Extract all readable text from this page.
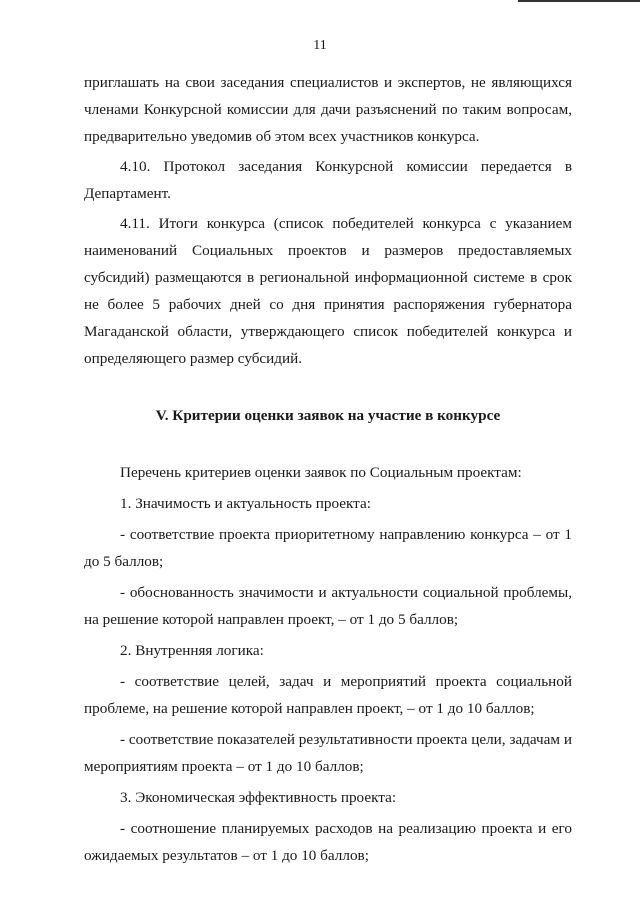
11

приглашать на свои заседания специалистов и экспертов, не являющихся членами Конкурсной комиссии для дачи разъяснений по таким вопросам, предварительно уведомив об этом всех участников конкурса.

4.10. Протокол заседания Конкурсной комиссии передается в Департамент.

4.11. Итоги конкурса (список победителей конкурса с указанием наименований Социальных проектов и размеров предоставляемых субсидий) размещаются в региональной информационной системе в срок не более 5 рабочих дней со дня принятия распоряжения губернатора Магаданской области, утверждающего список победителей конкурса и определяющего размер субсидий.

V. Критерии оценки заявок на участие в конкурсе

Перечень критериев оценки заявок по Социальным проектам:

1. Значимость и актуальность проекта:

- соответствие проекта приоритетному направлению конкурса – от 1 до 5 баллов;

- обоснованность значимости и актуальности социальной проблемы, на решение которой направлен проект, – от 1 до 5 баллов;

2. Внутренняя логика:

- соответствие целей, задач и мероприятий проекта социальной проблеме, на решение которой направлен проект, – от 1 до 10 баллов;

- соответствие показателей результативности проекта цели, задачам и мероприятиям проекта – от 1 до 10 баллов;

3. Экономическая эффективность проекта:

- соотношение планируемых расходов на реализацию проекта и его ожидаемых результатов – от 1 до 10 баллов;
